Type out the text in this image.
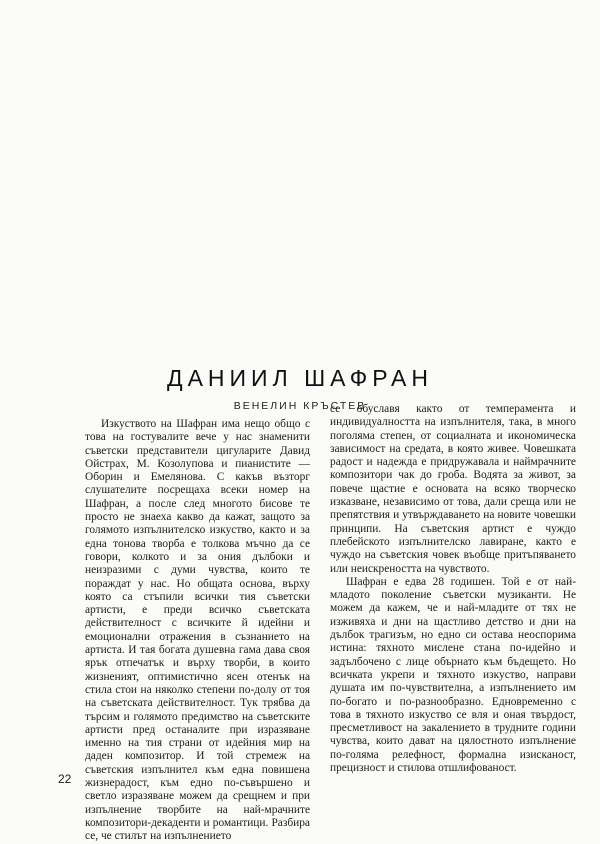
ДАНИИЛ ШАФРАН
ВЕНЕЛИН КРЪСТЕВ

Изкуството на Шафран има нещо общо с това на гостувалите вече у нас знаменити съветски представители цигуларите Давид Ойстрах, М. Козолупова и пианистите — Оборин и Емелянова. С какъв възторг слушателите посрещаха всеки номер на Шафран, а после след многото бисове те просто не знаеха какво да кажат, защото за голямото изпълнителско изкуство, както и за една тонова творба е толкова мъчно да се говори, колкото и за ония дълбоки и неизразими с думи чувства, които те пораждат у нас. Но общата основа, върху която са стъпили всички тия съветски артисти, е преди всичко съветската действителност с всичките й идейни и емоционални отражения в съзнанието на артиста. И тая богата душевна гама дава своя ярък отпечатък и върху творби, в които жизненият, оптимистично ясен отенък на стила стои на няколко степени по-долу от тоя на съветската действителност. Тук трябва да търсим и голямото предимство на съветските артисти пред останалите при изразяване именно на тия страни от идейния мир на даден композитор. И той стремеж на съветския изпълнител към една повишена жизнерадост, към едно по-съвършено и светло изразяване можем да срещнем и при изпълнение творбите на най-мрачните композитори-декаденти и романтици. Разбира се, че стилът на изпълнението

се обуславя както от темперамента и индивидуалността на изпълнителя, така, в много поголяма степен, от социалната и икономическа зависимост на средата, в която живее. Човешката радост и надежда е придружавала и наймрачните композитори чак до гроба. Водята за живот, за повече щастие е основата на всяко творческо изказване, независимо от това, дали среща или не препятствия и утвърждаването на новите човешки принципи. На съветския артист е чуждо плебейското изпълнителско лавиране, както е чуждо на съветския човек въобще притъпяването или неискреността на чувството.

Шафран е едва 28 годишен. Той е от най-младото поколение съветски музиканти. Не можем да кажем, че и най-младите от тях не изживяха и дни на щастливо детство и дни на дълбок трагизъм, но едно си остава неоспорима истина: тяхното мислене стана по-идейно и задълбочено с лице обърнато към бъдещето. Но всичката укрепи и тяхното изкуство, направи душата им по-чувствителна, а изпълнението им по-богато и по-разнообразно. Едновременно с това в тяхното изкуство се вля и оная твърдост, пресметливост на закалението в трудните години чувства, които дават на цялостното изпълнение по-голяма релефност, формална изисканост, прецизност и стилова отшлифованост.

22
